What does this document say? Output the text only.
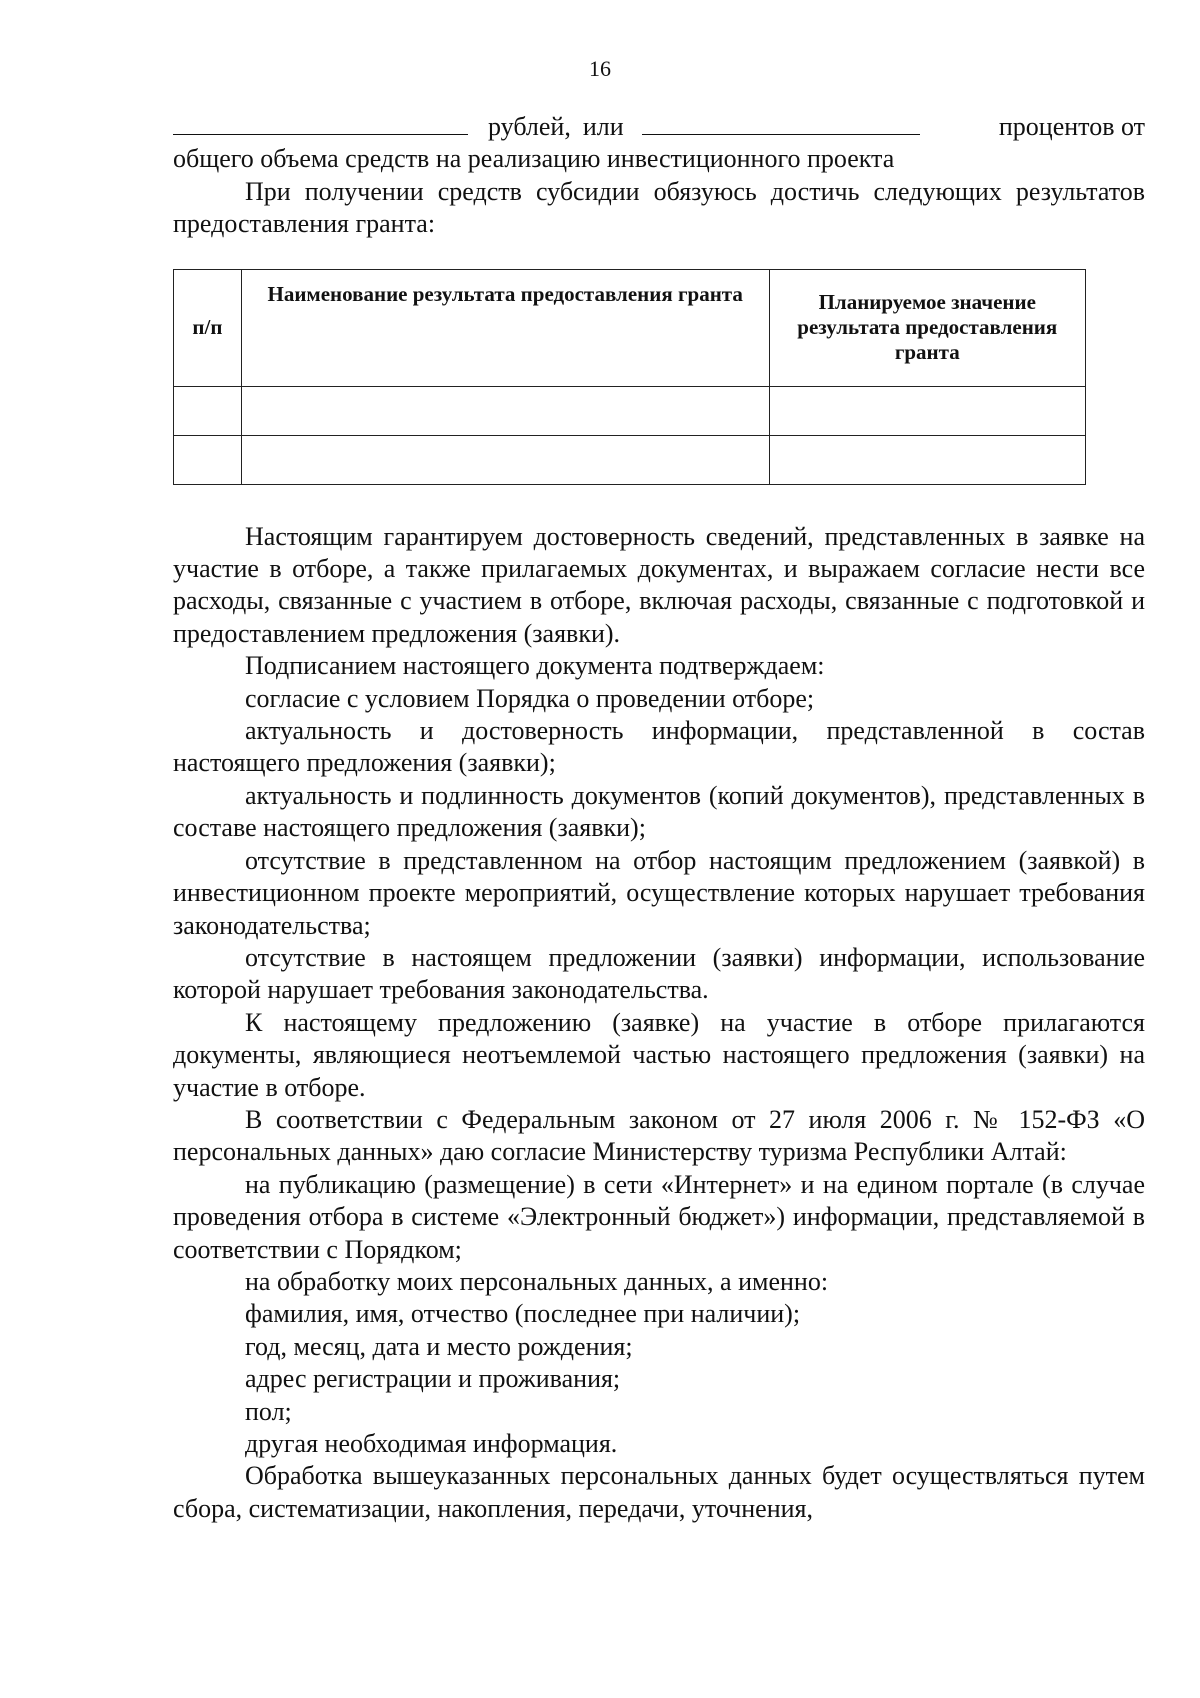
16
рублей, или	процентов от

общего объема средств на реализацию инвестиционного проекта

При получении средств субсидии обязуюсь достичь следующих результатов предоставления гранта:

п/п	Наименование результата предоставления гранта	Планируемое значение результата предоставления гранта

Настоящим гарантируем достоверность сведений, представленных в заявке на участие в отборе, а также прилагаемых документах, и выражаем согласие нести все расходы, связанные с участием в отборе, включая расходы, связанные с подготовкой и предоставлением предложения (заявки).

Подписанием настоящего документа подтверждаем:

согласие с условием Порядка о проведении отборе;

актуальность и достоверность информации, представленной в состав настоящего предложения (заявки);

актуальность и подлинность документов (копий документов), представленных в составе настоящего предложения (заявки);

отсутствие в представленном на отбор настоящим предложением (заявкой) в инвестиционном проекте мероприятий, осуществление которых нарушает требования законодательства;

отсутствие в настоящем предложении (заявки) информации, использование которой нарушает требования законодательства.

К настоящему предложению (заявке) на участие в отборе прилагаются документы, являющиеся неотъемлемой частью настоящего предложения (заявки) на участие в отборе.

В соответствии с Федеральным законом от 27 июля 2006 г. № 152-ФЗ «О персональных данных» даю согласие Министерству туризма Республики Алтай:

на публикацию (размещение) в сети «Интернет» и на едином портале (в случае проведения отбора в системе «Электронный бюджет») информации, представляемой в соответствии с Порядком;

на обработку моих персональных данных, а именно:

фамилия, имя, отчество (последнее при наличии);

год, месяц, дата и место рождения;

адрес регистрации и проживания;

пол;

другая необходимая информация.

Обработка вышеуказанных персональных данных будет осуществляться путем сбора, систематизации, накопления, передачи, уточнения,
